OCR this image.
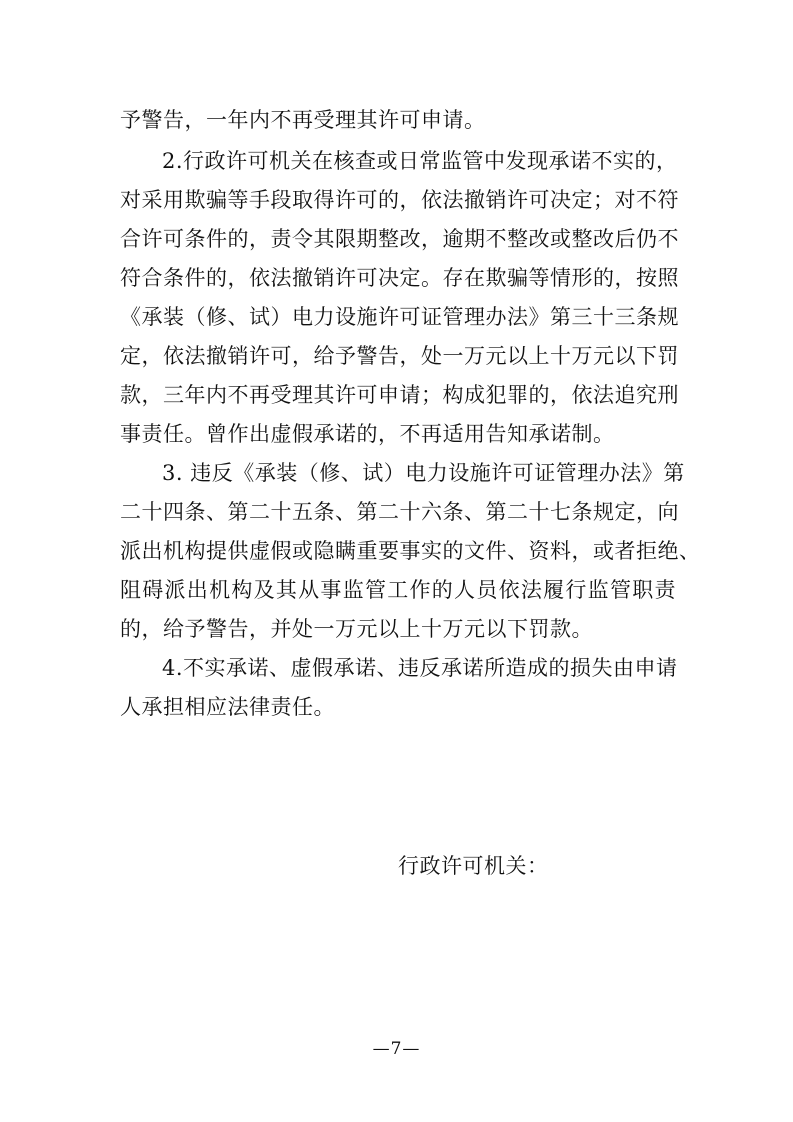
予警告，一年内不再受理其许可申请。
2.行政许可机关在核查或日常监管中发现承诺不实的，
对采用欺骗等手段取得许可的，依法撤销许可决定；对不符
合许可条件的，责令其限期整改，逾期不整改或整改后仍不
符合条件的，依法撤销许可决定。存在欺骗等情形的，按照
《承装（修、试）电力设施许可证管理办法》第三十三条规
定，依法撤销许可，给予警告，处一万元以上十万元以下罚
款，三年内不再受理其许可申请；构成犯罪的，依法追究刑
事责任。曾作出虚假承诺的，不再适用告知承诺制。
3. 违反《承装（修、试）电力设施许可证管理办法》第
二十四条、第二十五条、第二十六条、第二十七条规定，向
派出机构提供虚假或隐瞒重要事实的文件、资料，或者拒绝、
阻碍派出机构及其从事监管工作的人员依法履行监管职责
的，给予警告，并处一万元以上十万元以下罚款。
4.不实承诺、虚假承诺、违反承诺所造成的损失由申请
人承担相应法律责任。
行政许可机关：
—7—
